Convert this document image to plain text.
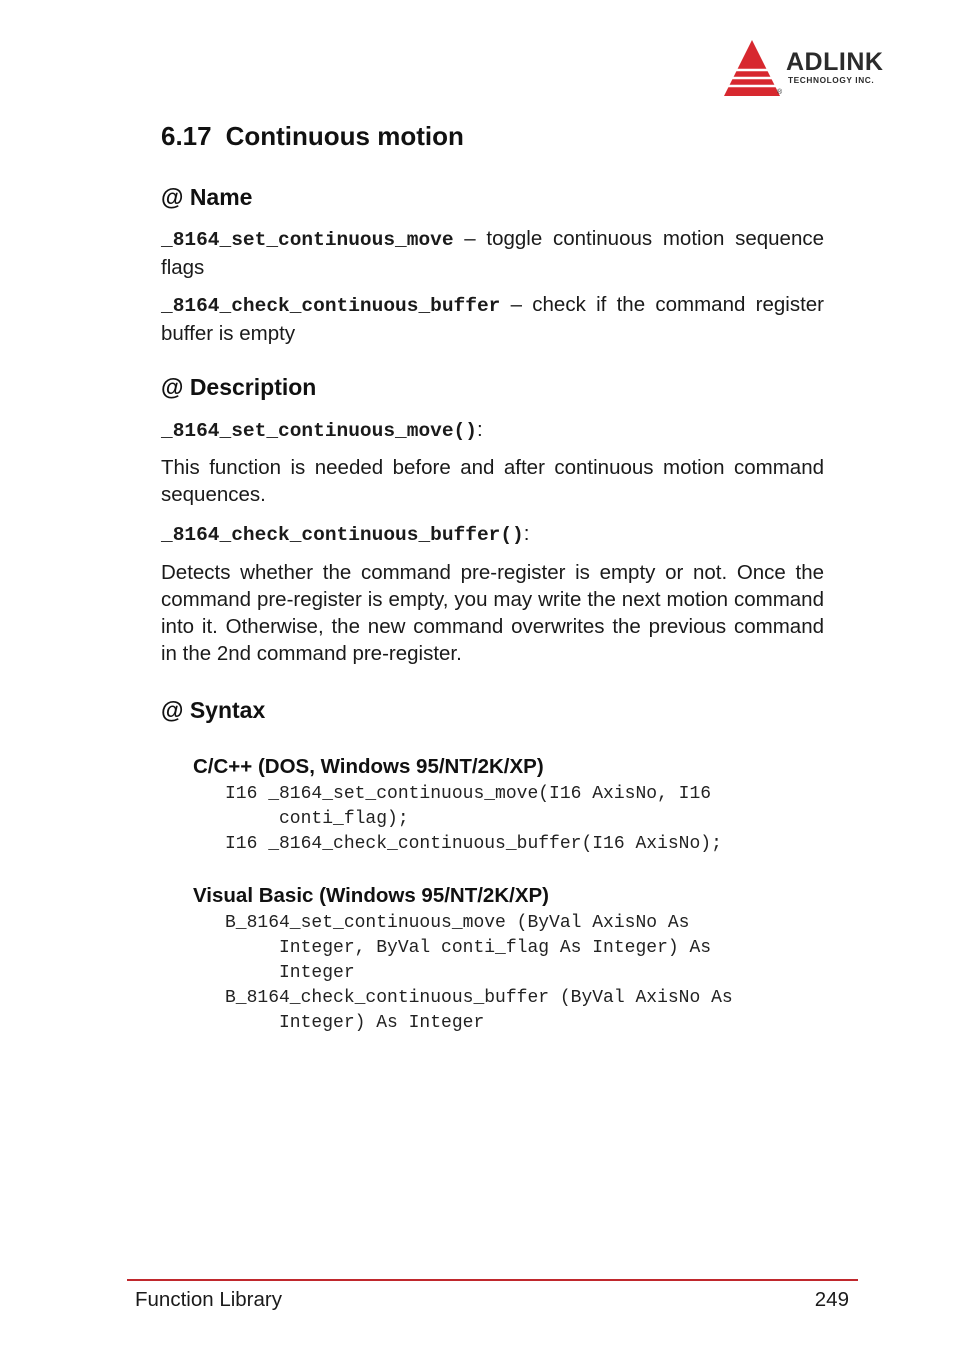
ADLINK
TECHNOLOGY INC.
®
6.17 Continuous motion
@ Name
_8164_set_continuous_move – toggle continuous motion sequence flags
_8164_check_continuous_buffer – check if the command register buffer is empty
@ Description
_8164_set_continuous_move():
This function is needed before and after continuous motion command sequences.
_8164_check_continuous_buffer():
Detects whether the command pre-register is empty or not. Once the command pre-register is empty, you may write the next motion command into it. Otherwise, the new command overwrites the previous command in the 2nd command pre-register.
@ Syntax
C/C++ (DOS, Windows 95/NT/2K/XP)
I16 _8164_set_continuous_move(I16 AxisNo, I16
conti_flag);
I16 _8164_check_continuous_buffer(I16 AxisNo);
Visual Basic (Windows 95/NT/2K/XP)
B_8164_set_continuous_move (ByVal AxisNo As
Integer, ByVal conti_flag As Integer) As
Integer
B_8164_check_continuous_buffer (ByVal AxisNo As
Integer) As Integer
Function Library	249
